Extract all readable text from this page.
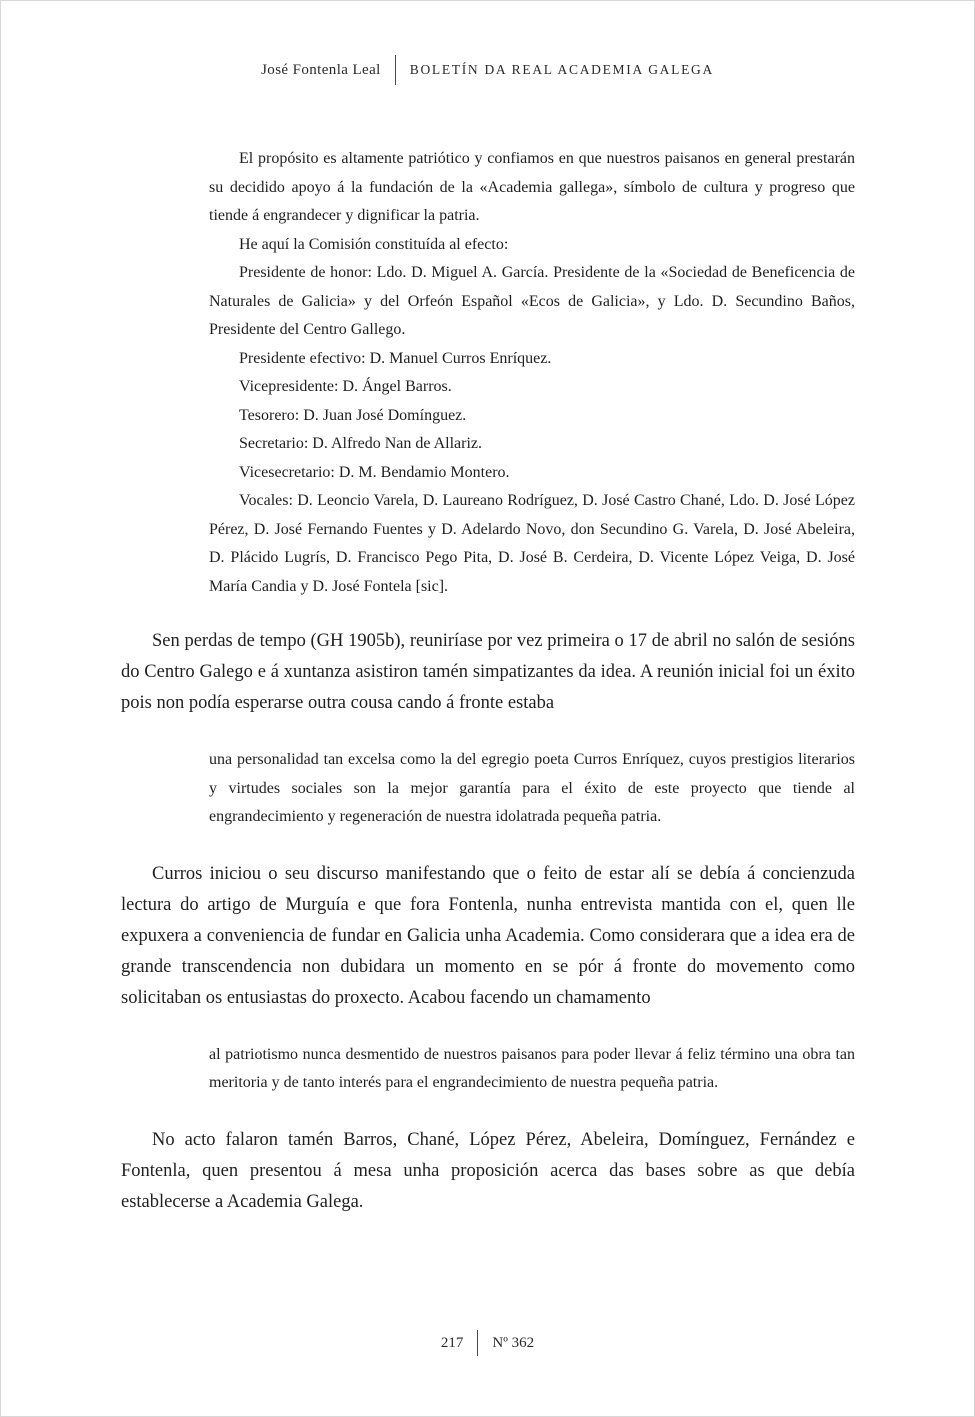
José Fontenla Leal BOLETÍN DA REAL ACADEMIA GALEGA

El propósito es altamente patriótico y confiamos en que nuestros paisanos en general prestarán su decidido apoyo á la fundación de la «Academia gallega», símbolo de cultura y progreso que tiende á engrandecer y dignificar la patria.

He aquí la Comisión constituída al efecto:

Presidente de honor: Ldo. D. Miguel A. García. Presidente de la «Sociedad de Beneficencia de Naturales de Galicia» y del Orfeón Español «Ecos de Galicia», y Ldo. D. Secundino Baños, Presidente del Centro Gallego.

Presidente efectivo: D. Manuel Curros Enríquez.

Vicepresidente: D. Ángel Barros.

Tesorero: D. Juan José Domínguez.

Secretario: D. Alfredo Nan de Allariz.

Vicesecretario: D. M. Bendamio Montero.

Vocales: D. Leoncio Varela, D. Laureano Rodríguez, D. José Castro Chané, Ldo. D. José López Pérez, D. José Fernando Fuentes y D. Adelardo Novo, don Secundino G. Varela, D. José Abeleira, D. Plácido Lugrís, D. Francisco Pego Pita, D. José B. Cerdeira, D. Vicente López Veiga, D. José María Candia y D. José Fontela [sic].

Sen perdas de tempo (GH 1905b), reuniríase por vez primeira o 17 de abril no salón de sesións do Centro Galego e á xuntanza asistiron tamén simpatizantes da idea. A reunión inicial foi un éxito pois non podía esperarse outra cousa cando á fronte estaba

una personalidad tan excelsa como la del egregio poeta Curros Enríquez, cuyos prestigios literarios y virtudes sociales son la mejor garantía para el éxito de este proyecto que tiende al engrandecimiento y regeneración de nuestra idolatrada pequeña patria.

Curros iniciou o seu discurso manifestando que o feito de estar alí se debía á concienzuda lectura do artigo de Murguía e que fora Fontenla, nunha entrevista mantida con el, quen lle expuxera a conveniencia de fundar en Galicia unha Academia. Como considerara que a idea era de grande transcendencia non dubidara un momento en se pór á fronte do movemento como solicitaban os entusiastas do proxecto. Acabou facendo un chamamento

al patriotismo nunca desmentido de nuestros paisanos para poder llevar á feliz término una obra tan meritoria y de tanto interés para el engrandecimiento de nuestra pequeña patria.

No acto falaron tamén Barros, Chané, López Pérez, Abeleira, Domínguez, Fernández e Fontenla, quen presentou á mesa unha proposición acerca das bases sobre as que debía establecerse a Academia Galega.

217 Nº 362
